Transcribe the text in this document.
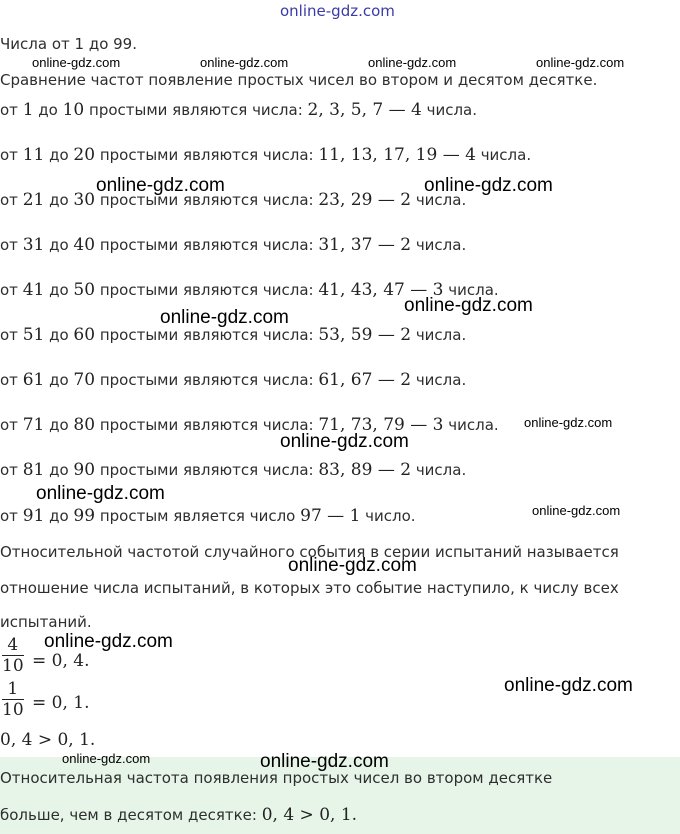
online-gdz.com
Числа от 1 до 99.
Сравнение частот появление простых чисел во втором и десятом десятке.
от 1 до 10 простыми являются числа: 2, 3, 5, 7 — 4 числа.
от 11 до 20 простыми являются числа: 11, 13, 17, 19 — 4 числа.
от 21 до 30 простыми являются числа: 23, 29 — 2 числа.
от 31 до 40 простыми являются числа: 31, 37 — 2 числа.
от 41 до 50 простыми являются числа: 41, 43, 47 — 3 числа.
от 51 до 60 простыми являются числа: 53, 59 — 2 числа.
от 61 до 70 простыми являются числа: 61, 67 — 2 числа.
от 71 до 80 простыми являются числа: 71, 73, 79 — 3 числа.
от 81 до 90 простыми являются числа: 83, 89 — 2 числа.
от 91 до 99 простым является число 97 — 1 число.
Относительной частотой случайного события в серии испытаний называется
отношение числа испытаний, в которых это событие наступило, к числу всех
испытаний.
4
10 = 0, 4.
1
10 = 0, 1.
0, 4 > 0, 1.
Относительная частота появления простых чисел во втором десятке
больше, чем в десятом десятке: 0, 4 > 0, 1.
online-gdz.com	online-gdz.com	online-gdz.com	online-gdz.com
online-gdz.com	online-gdz.com
online-gdz.com
online-gdz.com
online-gdz.com
online-gdz.com
online-gdz.com
online-gdz.com
online-gdz.com
online-gdz.com
online-gdz.com
online-gdz.com	online-gdz.com
